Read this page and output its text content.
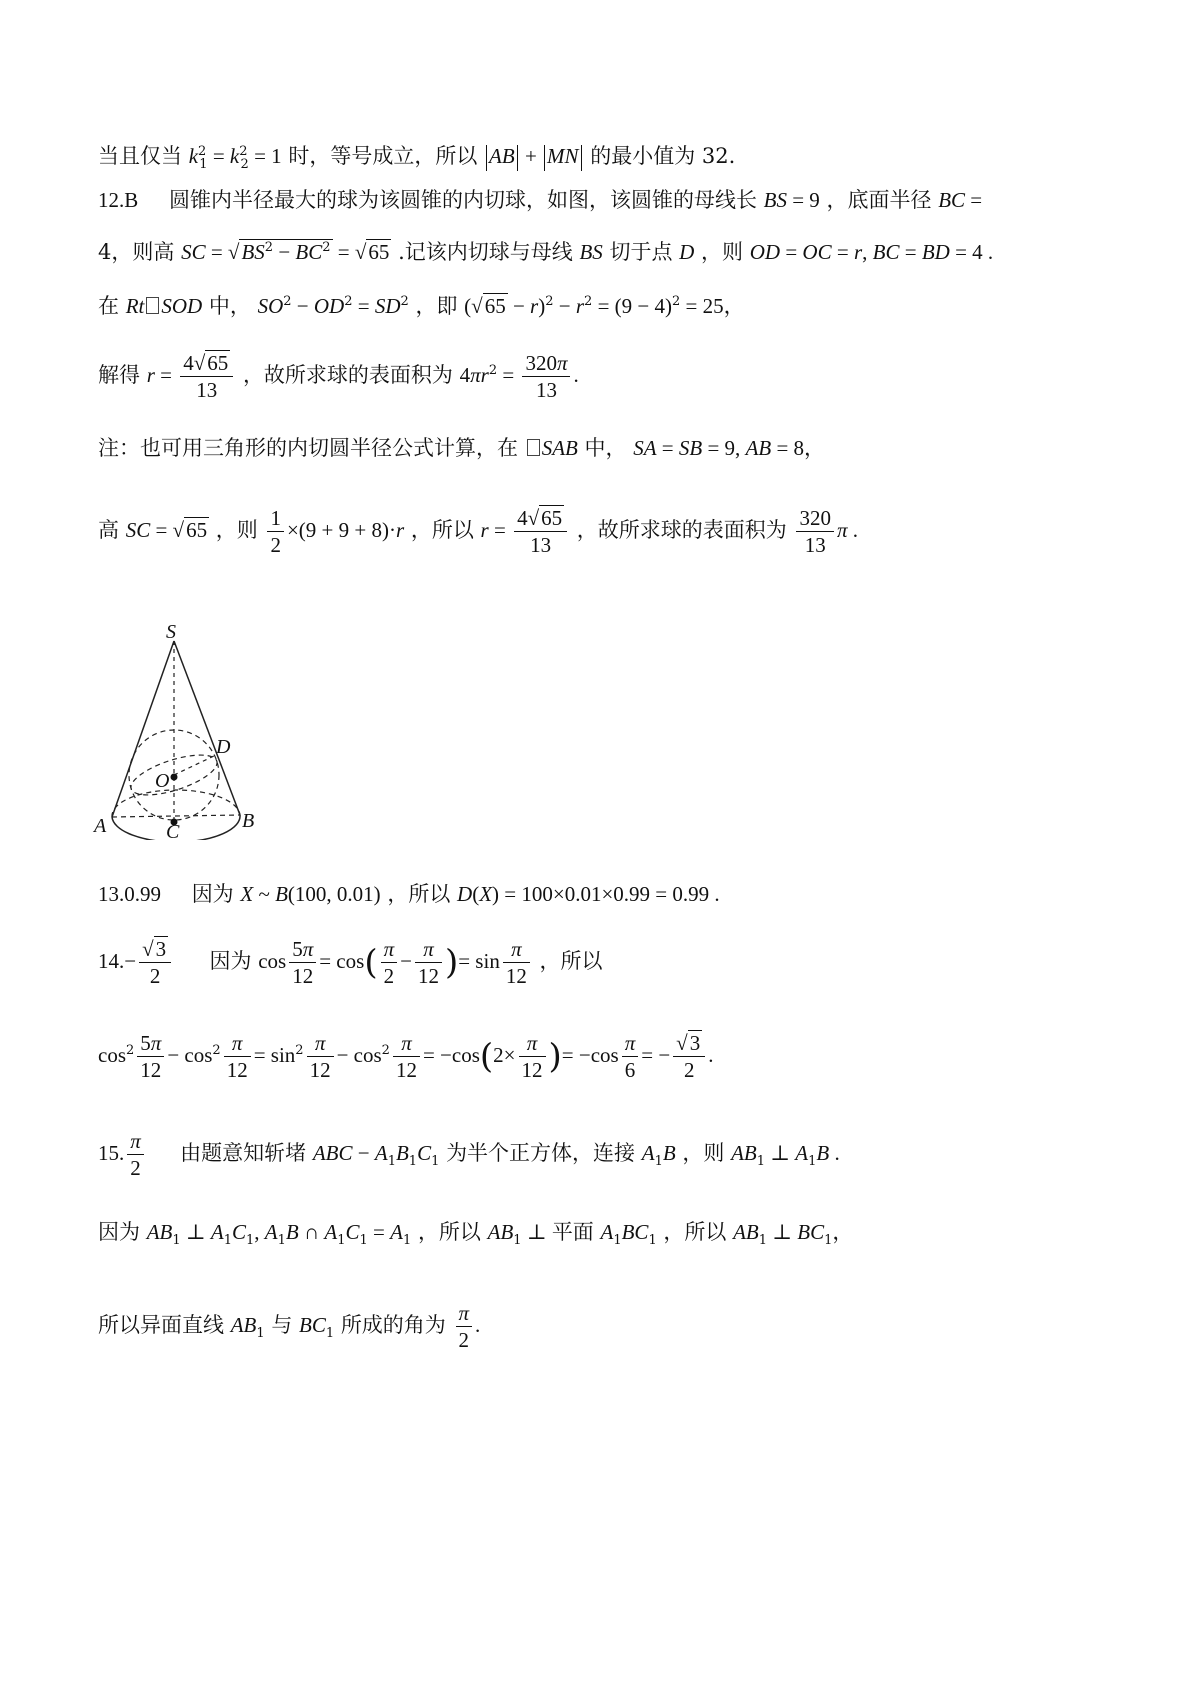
当且仅当 $k^2_1 = k^2_2 = 1$ 时，等号成立，所以 AB + MN 的最小值为 32.
12.B 圆锥内半径最大的球为该圆锥的内切球，如图，该圆锥的母线长 BS = 9 ，底面半径 BC =
4，则高 SC = $√BS^2 - BC^2 = √65$ .记该内切球与母线 BS 切于点 D ，则 OD = OC = r, BC = BD = 4 .
在 Rt SOD 中， $SO^2 - OD^2 = SD^2$ ，即 $(√65 - r)^2 - r^2 = (9 - 4)^2 = 25$，
解得 $r = \frac{4√65}{13}$ ，故所求球的表面积为 $4\pi r^2 = \frac{320\pi}{13}$ .
注：也可用三角形的内切圆半径公式计算，在 SAB 中， SA = SB = 9, AB = 8，
高 SC = √65 ，则 $\frac{1}{2} \times(9 + 9 + 8)\cdot r$ ，所以 $r = \frac{4√65}{13}$ ，故所求球的表面积为 $\frac{320}{13}$ π .
S
D
O
A	B
C
13.0.99 因为 X ~ B(100, 0.01) ，所以 D(X) = 100×0.01×0.99 = 0.99 .
$14.- \frac{√3}{2}$ 因为 $\cos \frac{5\pi}{12} = \cos( \frac{\pi}{2} - \frac{\pi}{12}$ )= $\sin \frac{\pi}{12}$ ，所以
$\cos^2 \frac{5\pi}{12} - \cos^2 \frac{\pi}{12} = \sin^2 \frac{\pi}{12} - \cos^2 \frac{\pi}{12} = -\cos(2\times \frac{\pi}{12}$ )= $-\cos \frac{\pi}{6}$ = − $\frac{√3}{2}$ .
15. $\frac{\pi}{2}$ 由题意知斩堵 ABC − $A_1B_1C_1$ 为半个正方体，连接 $A_1B$ ，则 $AB_1$ ⊥ $A_1B$ .
因为 $AB_1$ ⊥ $A_1C_1$, $A_1B$ ∩ $A_1C_1 = A_1$ ，所以 $AB_1$ ⊥ 平面 $A_1BC_1$ ，所以 $AB_1$ ⊥ $BC_1$，
所以异面直线 $AB_1$ 与 $BC_1$ 所成的角为 $\frac{\pi}{2}$ .
